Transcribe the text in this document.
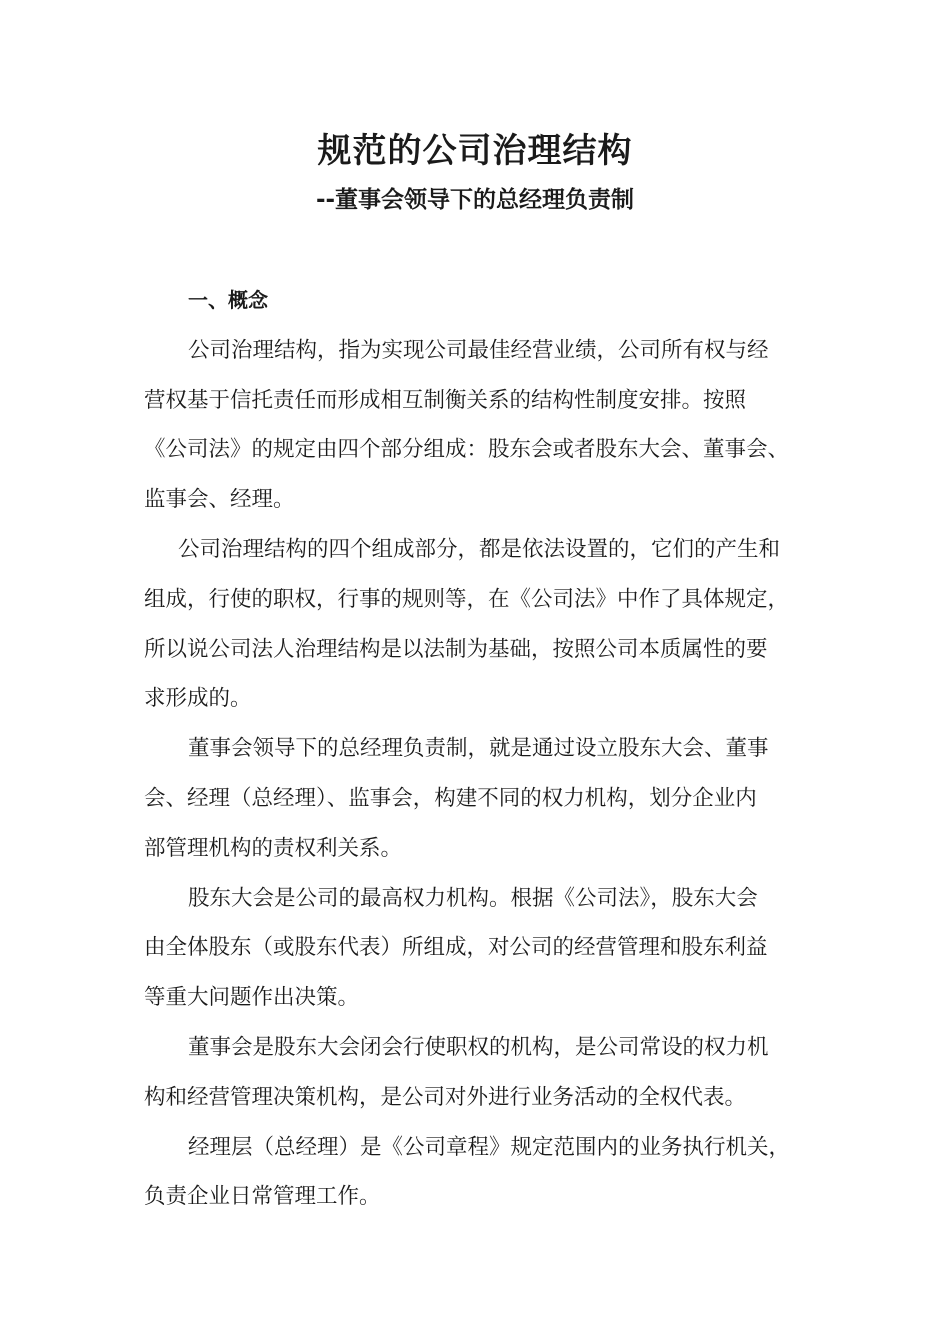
规范的公司治理结构
--董事会领导下的总经理负责制
一、概念
公司治理结构，指为实现公司最佳经营业绩，公司所有权与经
营权基于信托责任而形成相互制衡关系的结构性制度安排。按照
《公司法》的规定由四个部分组成：股东会或者股东大会、董事会、
监事会、经理。
公司治理结构的四个组成部分，都是依法设置的，它们的产生和
组成，行使的职权，行事的规则等，在《公司法》中作了具体规定，
所以说公司法人治理结构是以法制为基础，按照公司本质属性的要
求形成的。
董事会领导下的总经理负责制，就是通过设立股东大会、董事
会、经理（总经理）、监事会，构建不同的权力机构，划分企业内
部管理机构的责权利关系。
股东大会是公司的最高权力机构。根据《公司法》，股东大会
由全体股东（或股东代表）所组成，对公司的经营管理和股东利益
等重大问题作出决策。
董事会是股东大会闭会行使职权的机构，是公司常设的权力机
构和经营管理决策机构，是公司对外进行业务活动的全权代表。
经理层（总经理）是《公司章程》规定范围内的业务执行机关，
负责企业日常管理工作。
